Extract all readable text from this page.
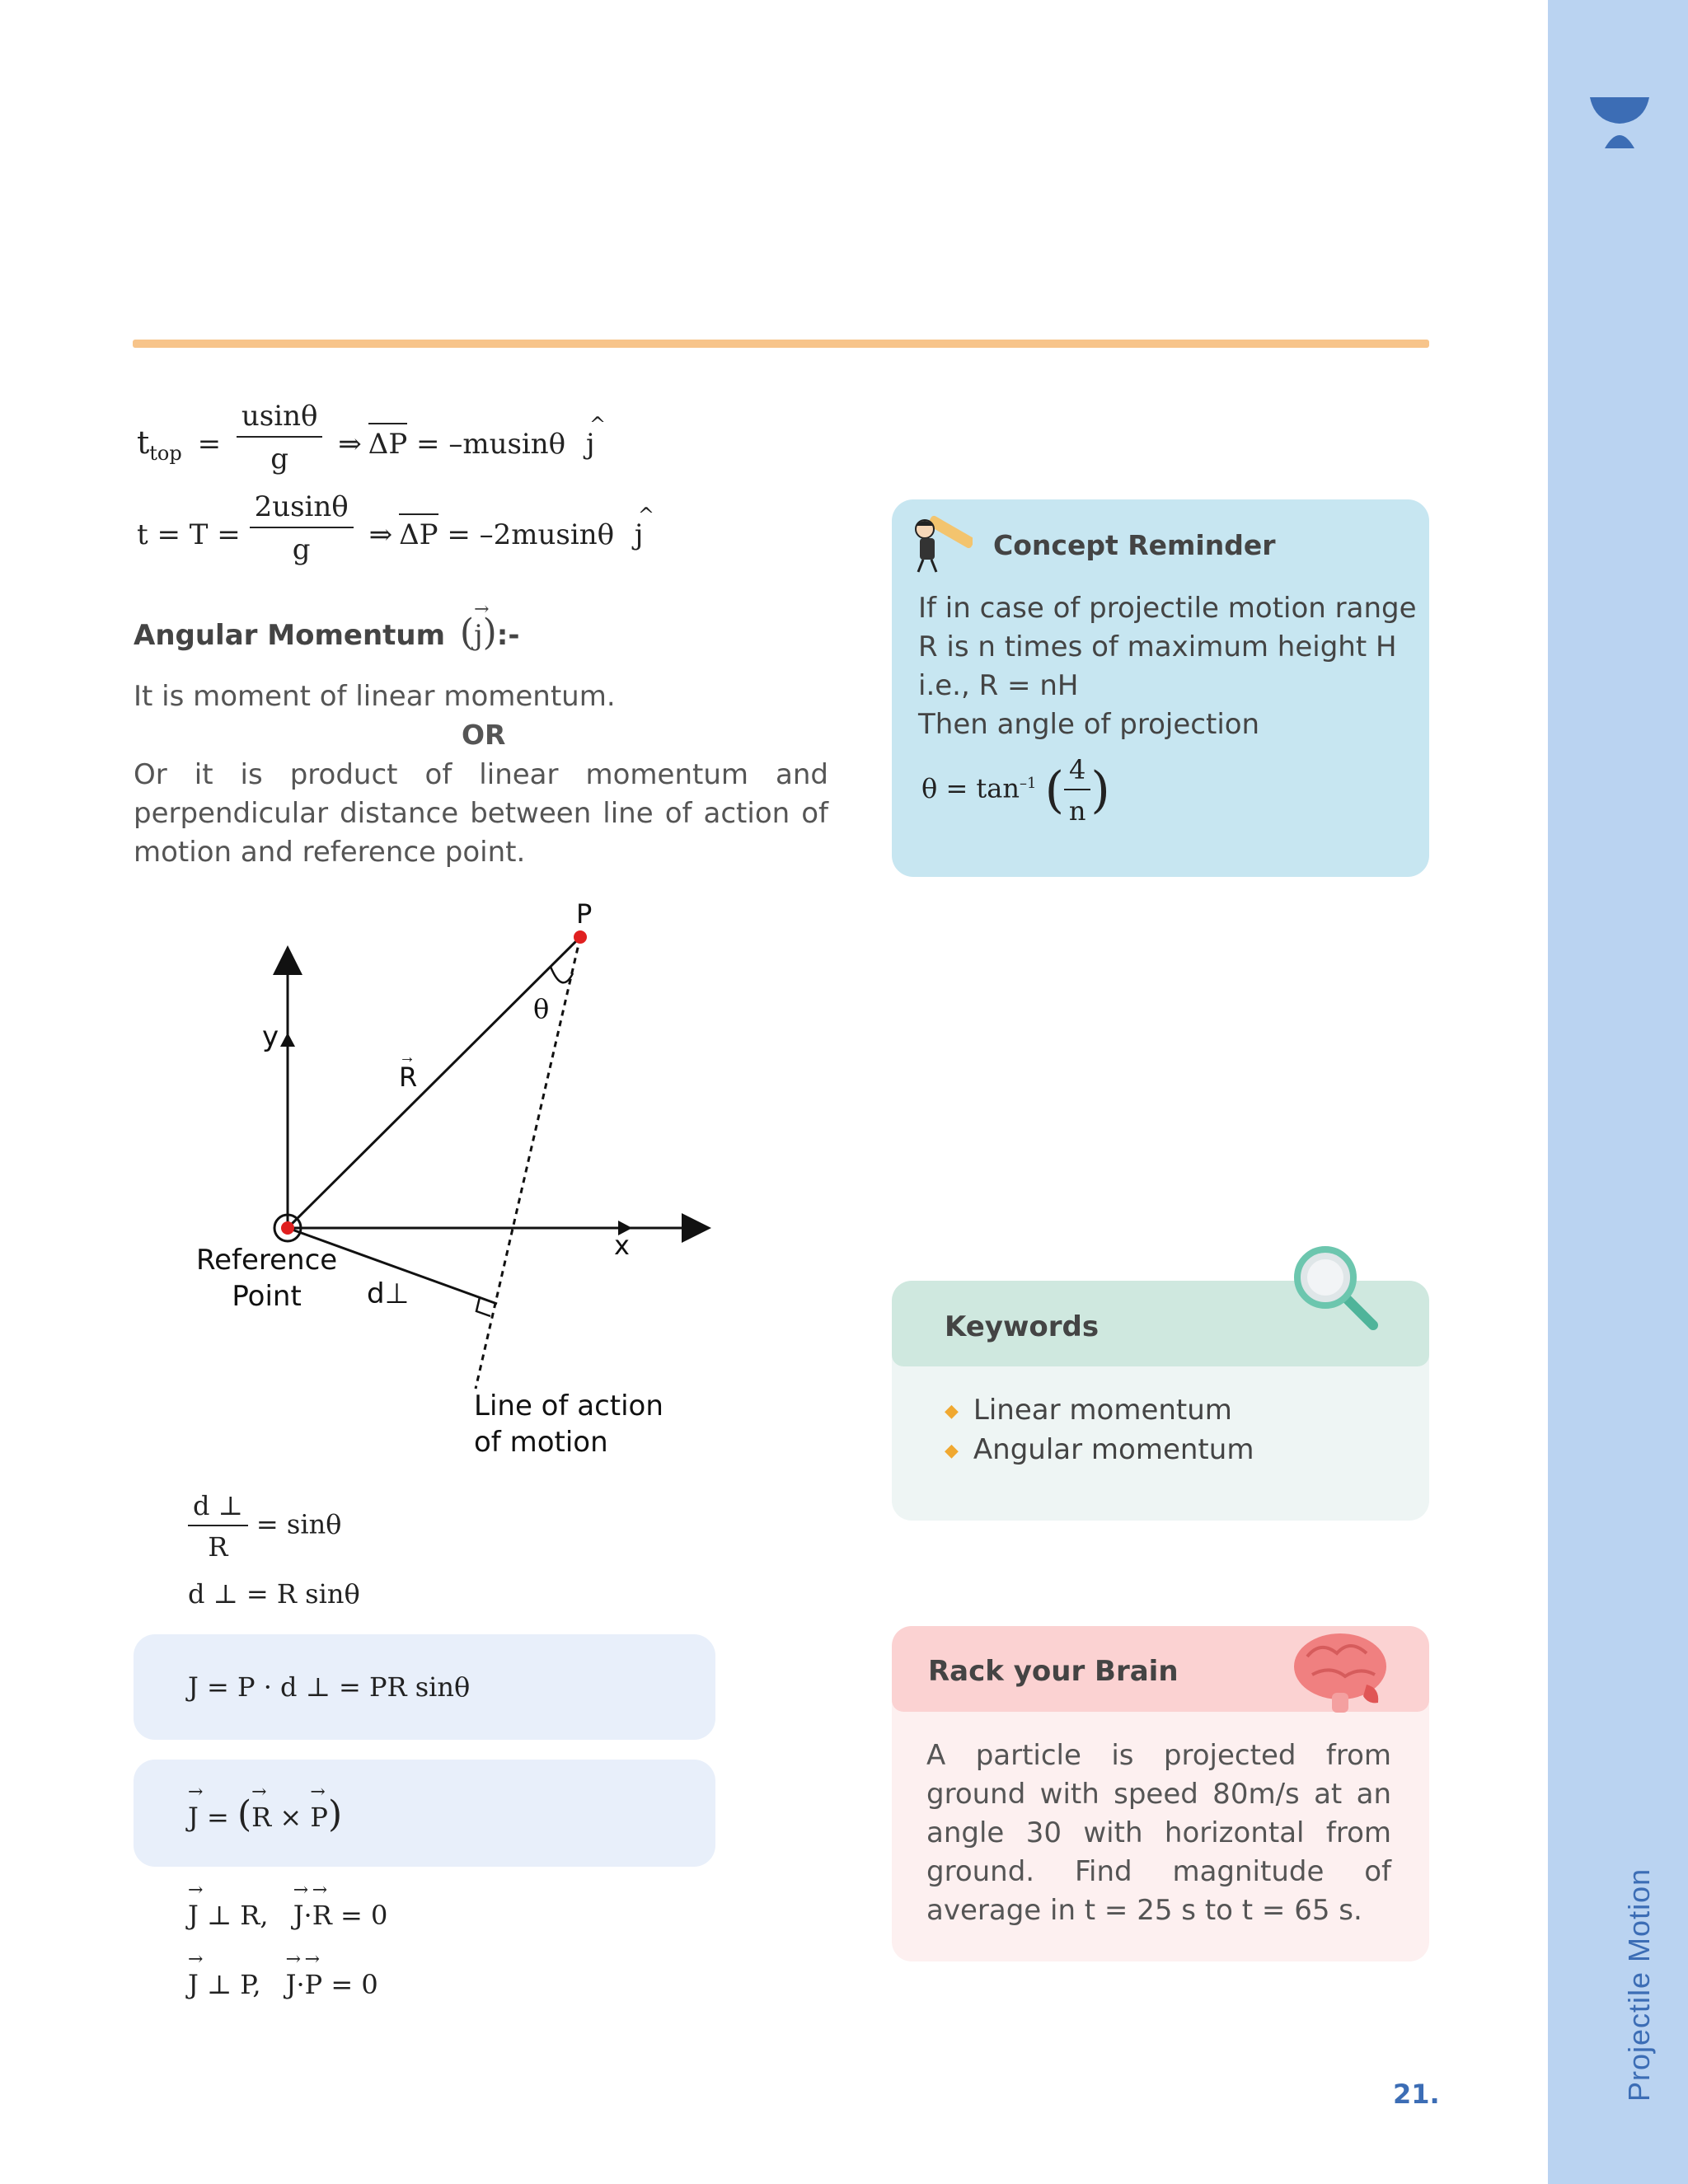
Projectile Motion
$t_{top} = \frac{usin\theta}{g}$ ⇒ ΔP = –musinθ ^ j
$t = T = \frac{2usin\theta}{g}$ ⇒ ΔP = –2musinθ ^ j
Angular Momentum (→ j):-
It is moment of linear momentum.
OR
Or it is product of linear momentum and perpendicular distance between line of action of motion and reference point.
P
θ
y
R
→
x
Reference
Point	d⊥
Line of action
of motion
$\frac{d \perp}{R} = \sin\theta$
d ⊥ = R sinθ
J = P · d ⊥ = PR sinθ
→ J = (→ R × → P)
→ J ⊥ R, → J·→ R = 0
→ J ⊥ P, → J·→ P = 0
Concept Reminder
If in case of projectile motion range
R is n times of maximum height H
i.e., R = nH
Then angle of projection
$\theta = \tan^{-1}$ ( $\frac{4}{n}$ )
Keywords
◆ Linear momentum
◆ Angular momentum
Rack your Brain
A particle is projected from ground with speed 80m/s at an angle 30 with horizontal from ground. Find magnitude of average in t = 25 s to t = 65 s.
21.
